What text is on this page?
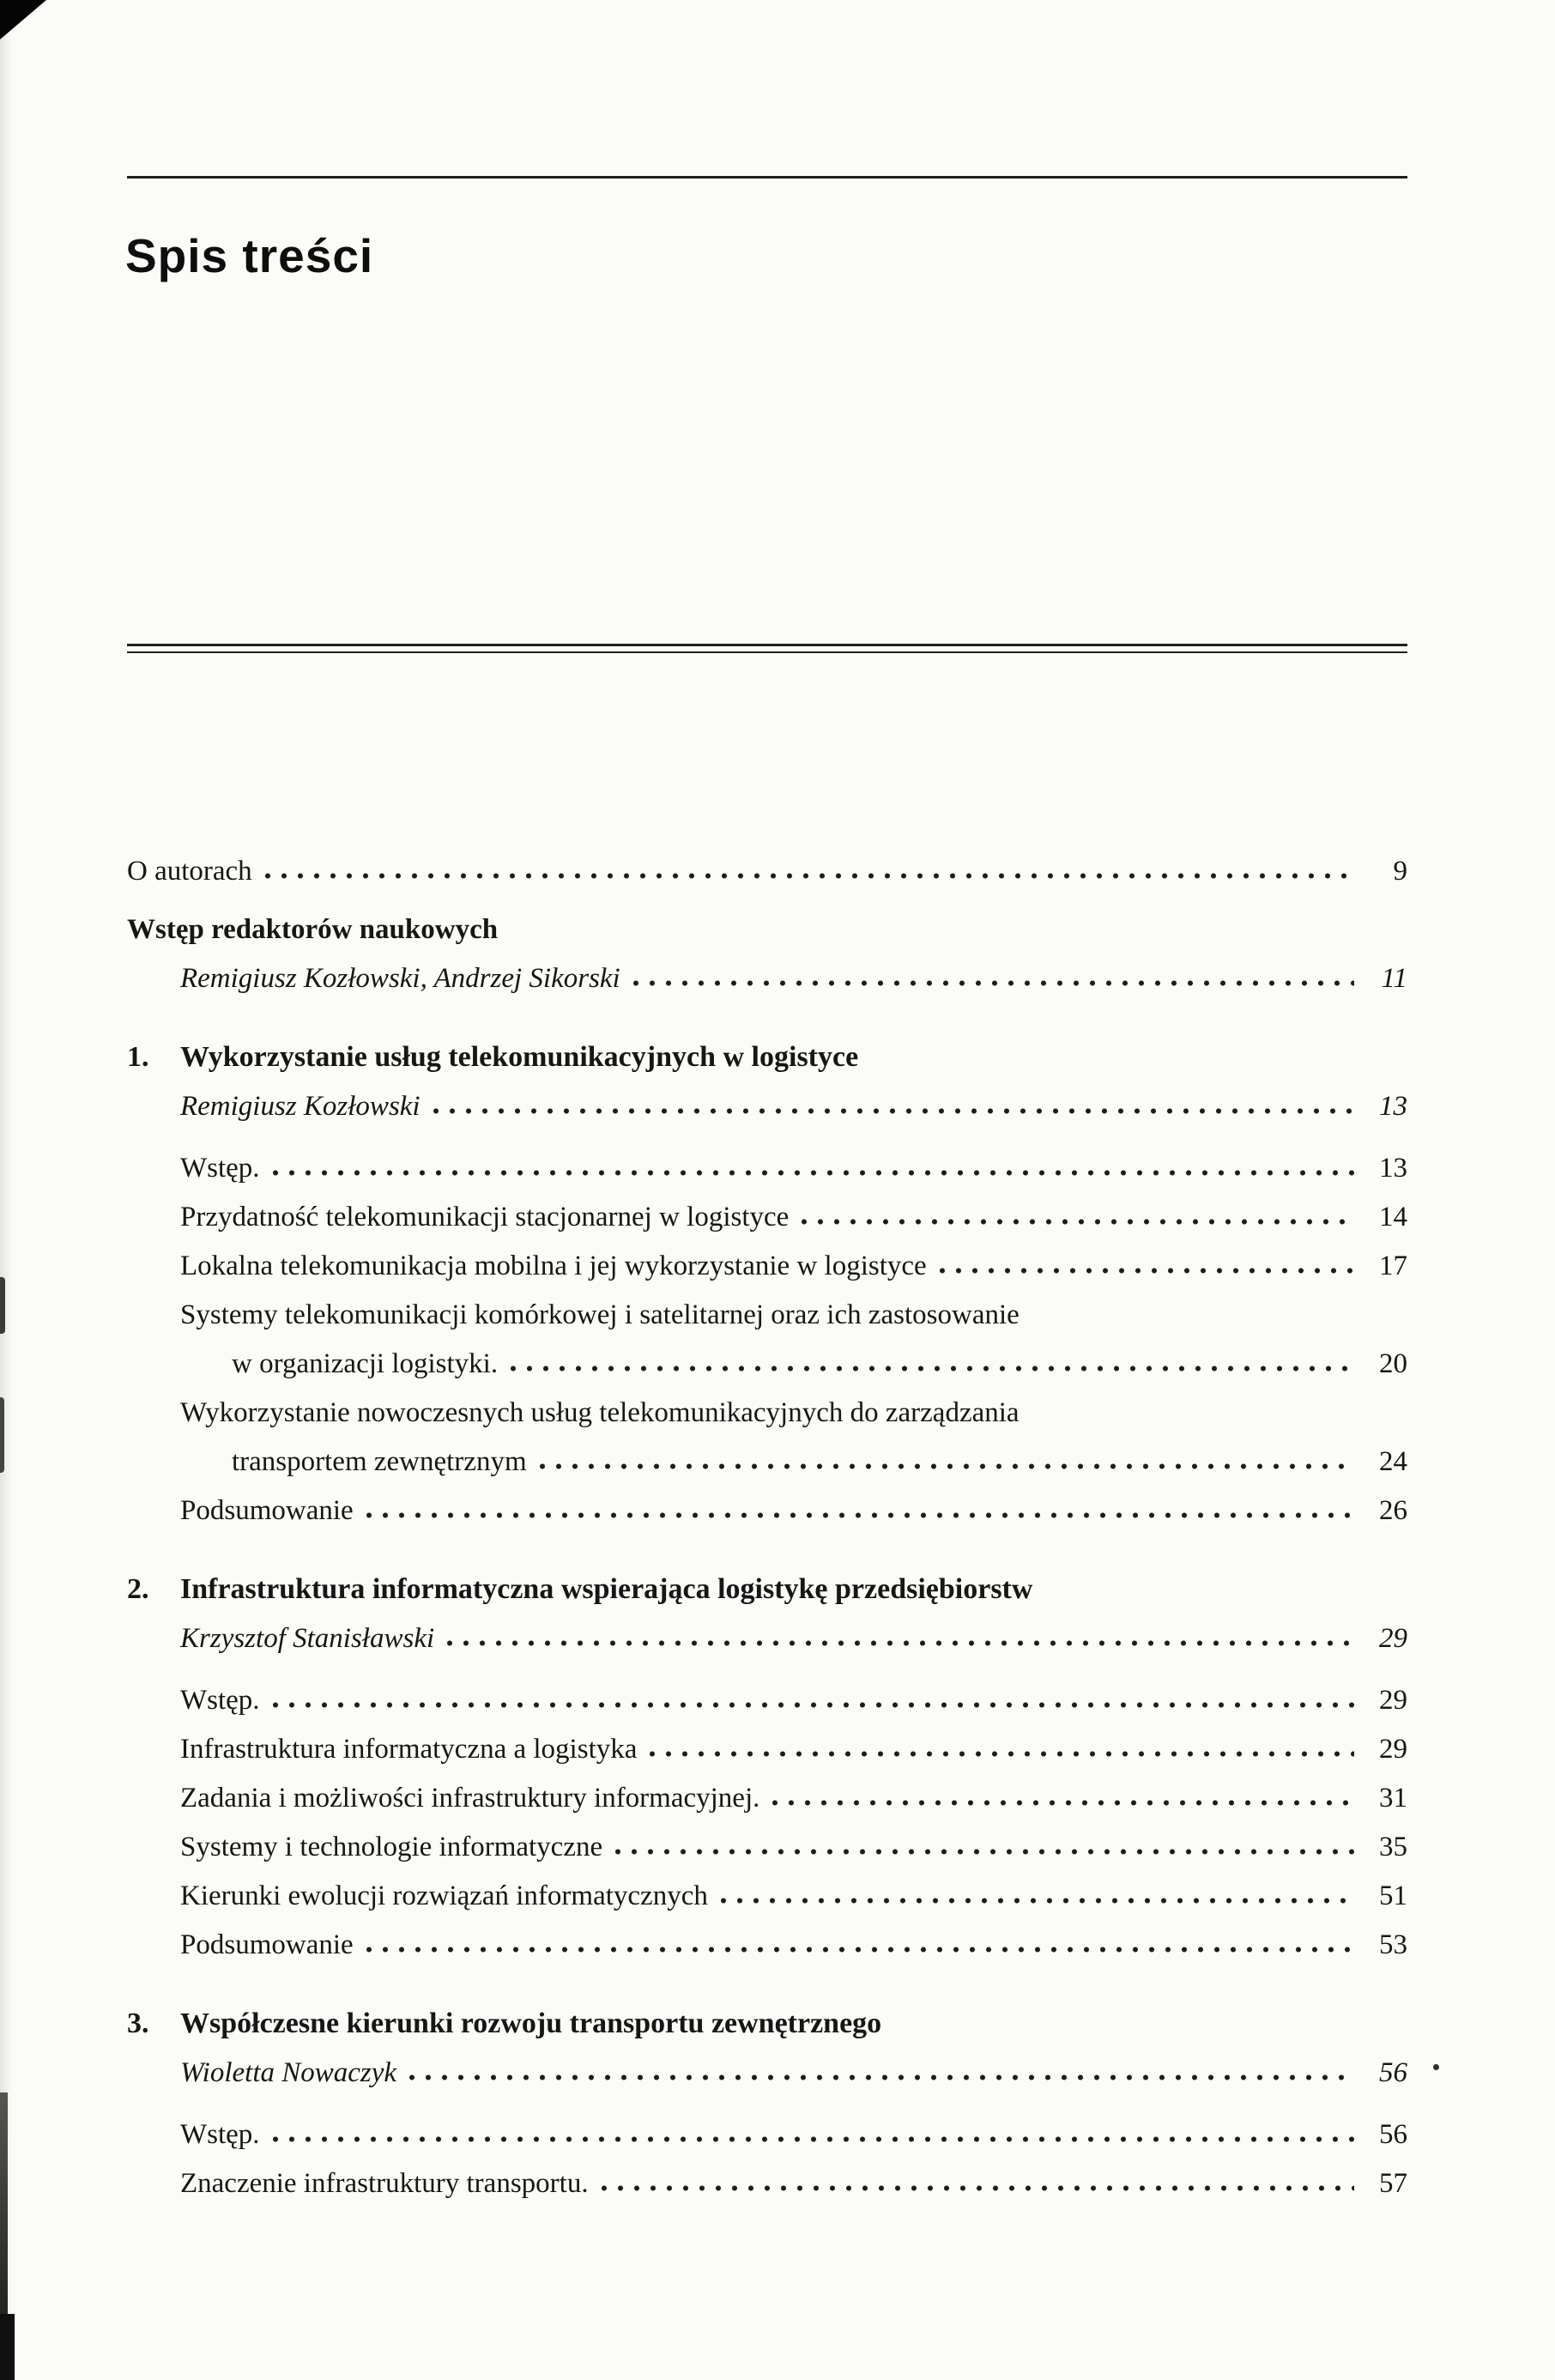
Spis treści
O autorach	9
Wstęp redaktorów naukowych
Remigiusz Kozłowski, Andrzej Sikorski	11
1.	Wykorzystanie usług telekomunikacyjnych w logistyce
Remigiusz Kozłowski	13
Wstęp.	13
Przydatność telekomunikacji stacjonarnej w logistyce	14
Lokalna telekomunikacja mobilna i jej wykorzystanie w logistyce	17
Systemy telekomunikacji komórkowej i satelitarnej oraz ich zastosowanie
w organizacji logistyki.	20
Wykorzystanie nowoczesnych usług telekomunikacyjnych do zarządzania
transportem zewnętrznym	24
Podsumowanie	26
2.	Infrastruktura informatyczna wspierająca logistykę przedsiębiorstw
Krzysztof Stanisławski	29
Wstęp.	29
Infrastruktura informatyczna a logistyka	29
Zadania i możliwości infrastruktury informacyjnej.	31
Systemy i technologie informatyczne	35
Kierunki ewolucji rozwiązań informatycznych	51
Podsumowanie	53
3.	Współczesne kierunki rozwoju transportu zewnętrznego
Wioletta Nowaczyk	56
Wstęp.	56
Znaczenie infrastruktury transportu.	57
